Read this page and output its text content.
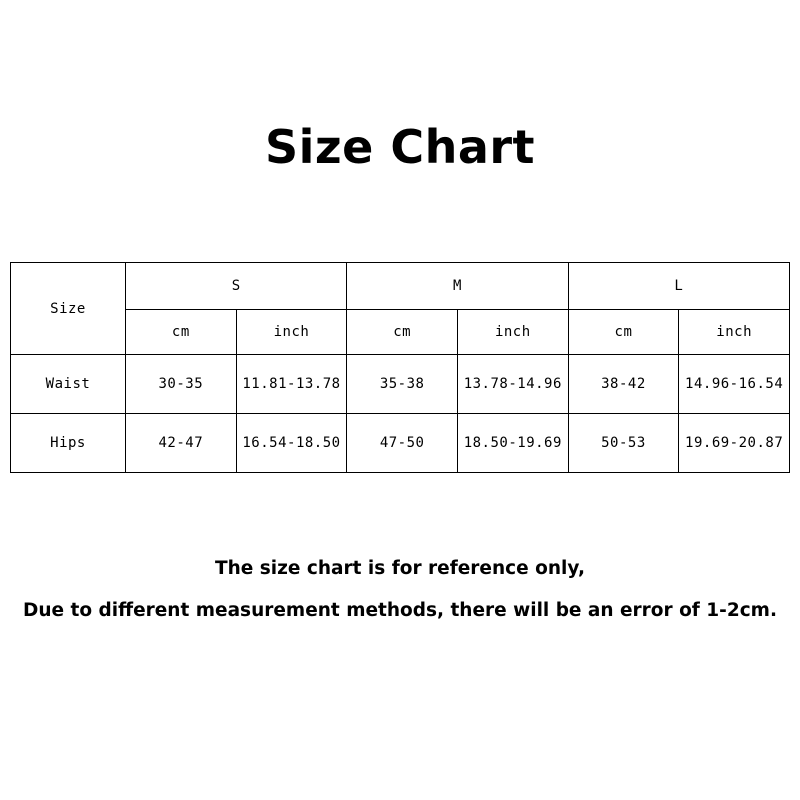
Size Chart
Size	S		M		L	
	cm	inch	cm	inch	cm	inch
Waist	30-35	11.81-13.78	35-38	13.78-14.96	38-42	14.96-16.54
Hips	42-47	16.54-18.50	47-50	18.50-19.69	50-53	19.69-20.87
The size chart is for reference only,
Due to different measurement methods, there will be an error of 1-2cm.
